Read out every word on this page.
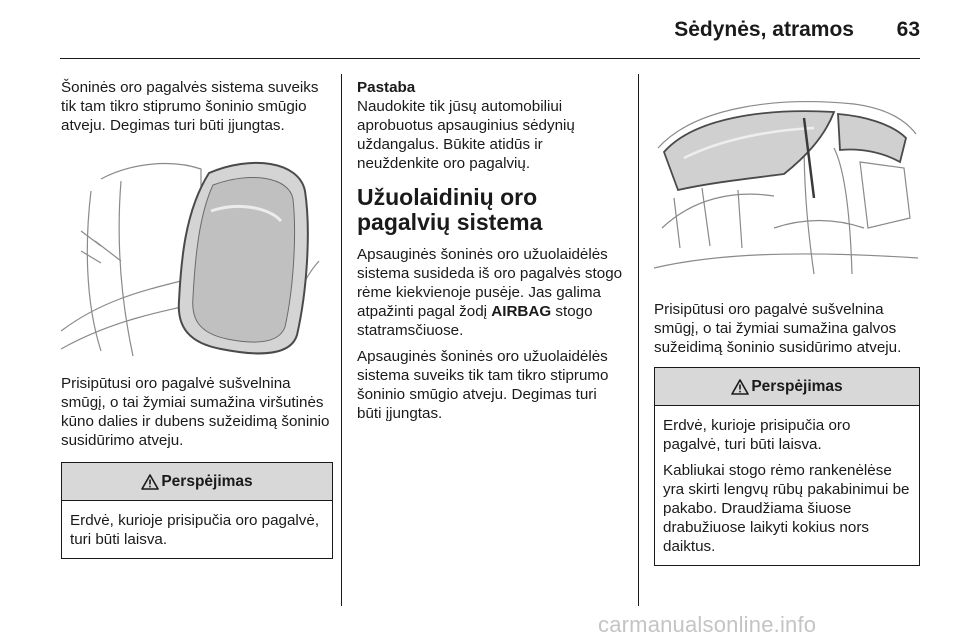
Sėdynės, atramos 63

Šoninės oro pagalvės sistema suveiks tik tam tikro stiprumo šoninio smūgio atveju. Degimas turi būti įjungtas.

Prisipūtusi oro pagalvė sušvelnina smūgį, o tai žymiai sumažina viršutinės kūno dalies ir dubens sužeidimą šoninio susidūrimo atveju.

Perspėjimas

Erdvė, kurioje prisipučia oro pagalvė, turi būti laisva.

Pastaba
Naudokite tik jūsų automobiliui aprobuotus apsauginius sėdynių uždangalus. Būkite atidūs ir neuždenkite oro pagalvių.

Užuolaidinių oro pagalvių sistema

Apsauginės šoninės oro užuolaidėlės sistema susideda iš oro pagalvės stogo rėme kiekvienoje pusėje. Jas galima atpažinti pagal žodį AIRBAG stogo statramsčiuose.

Apsauginės šoninės oro užuolaidėlės sistema suveiks tik tam tikro stiprumo šoninio smūgio atveju. Degimas turi būti įjungtas.

Prisipūtusi oro pagalvė sušvelnina smūgį, o tai žymiai sumažina galvos sužeidimą šoninio susidūrimo atveju.

Perspėjimas

Erdvė, kurioje prisipučia oro pagalvė, turi būti laisva.

Kabliukai stogo rėmo rankenėlėse yra skirti lengvų rūbų pakabinimui be pakabo. Draudžiama šiuose drabužiuose laikyti kokius nors daiktus.

carmanualsonline.info
